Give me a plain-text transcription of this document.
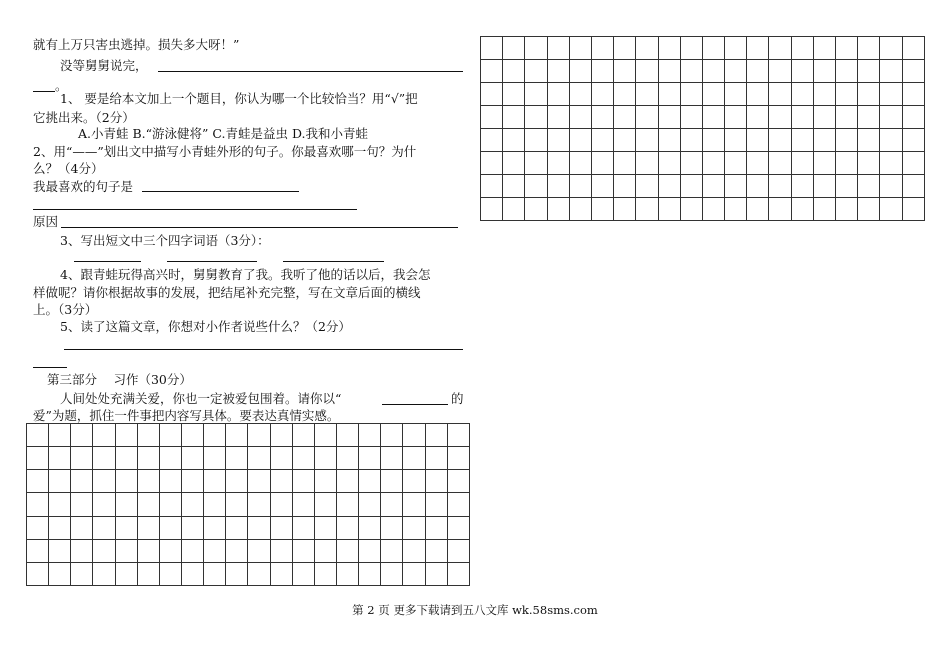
就有上万只害虫逃掉。损失多大呀！”
没等舅舅说完，
。
1、 要是给本文加上一个题目，你认为哪一个比较恰当？用“√”把
它挑出来。（2分）
A.小青蛙 B.“游泳健将” C.青蛙是益虫 D.我和小青蛙
2、用“——”划出文中描写小青蛙外形的句子。你最喜欢哪一句？为什
么？（4分）
我最喜欢的句子是
原因
3、写出短文中三个四字词语（3分）：
4、跟青蛙玩得高兴时，舅舅教育了我。我听了他的话以后，我会怎
样做呢？请你根据故事的发展，把结尾补充完整，写在文章后面的横线
上。（3分）
5、读了这篇文章，你想对小作者说些什么？（2分）
第三部分　 习作（30分）
人间处处充满关爱，你也一定被爱包围着。请你以“	的
爱”为题，抓住一件事把内容写具体。要表达真情实感。

第 2 页 更多下载请到五八文库 wk.58sms.com
